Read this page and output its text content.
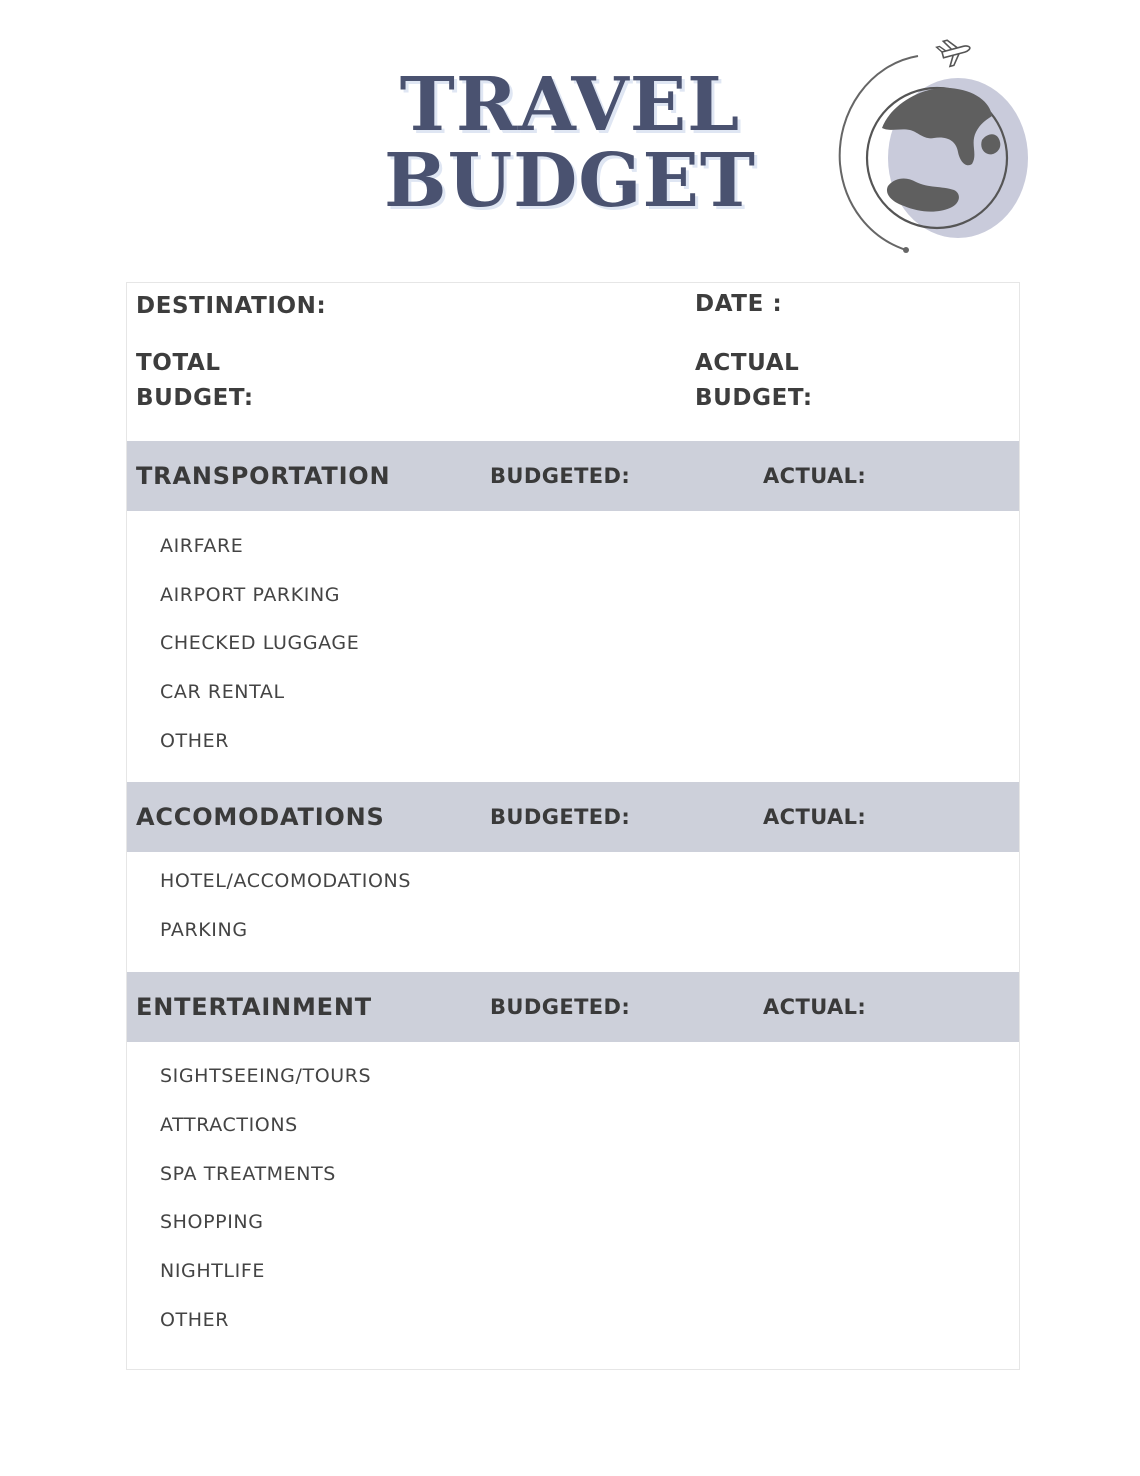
TRAVEL
BUDGET
DESTINATION:	DATE :
TOTAL
BUDGET:
ACTUAL
BUDGET:
TRANSPORTATION	BUDGETED:	ACTUAL:
AIRFARE
AIRPORT PARKING
CHECKED LUGGAGE
CAR RENTAL
OTHER
ACCOMODATIONS	BUDGETED:	ACTUAL:
HOTEL/ACCOMODATIONS
PARKING
ENTERTAINMENT	BUDGETED:	ACTUAL:
SIGHTSEEING/TOURS
ATTRACTIONS
SPA TREATMENTS
SHOPPING
NIGHTLIFE
OTHER
